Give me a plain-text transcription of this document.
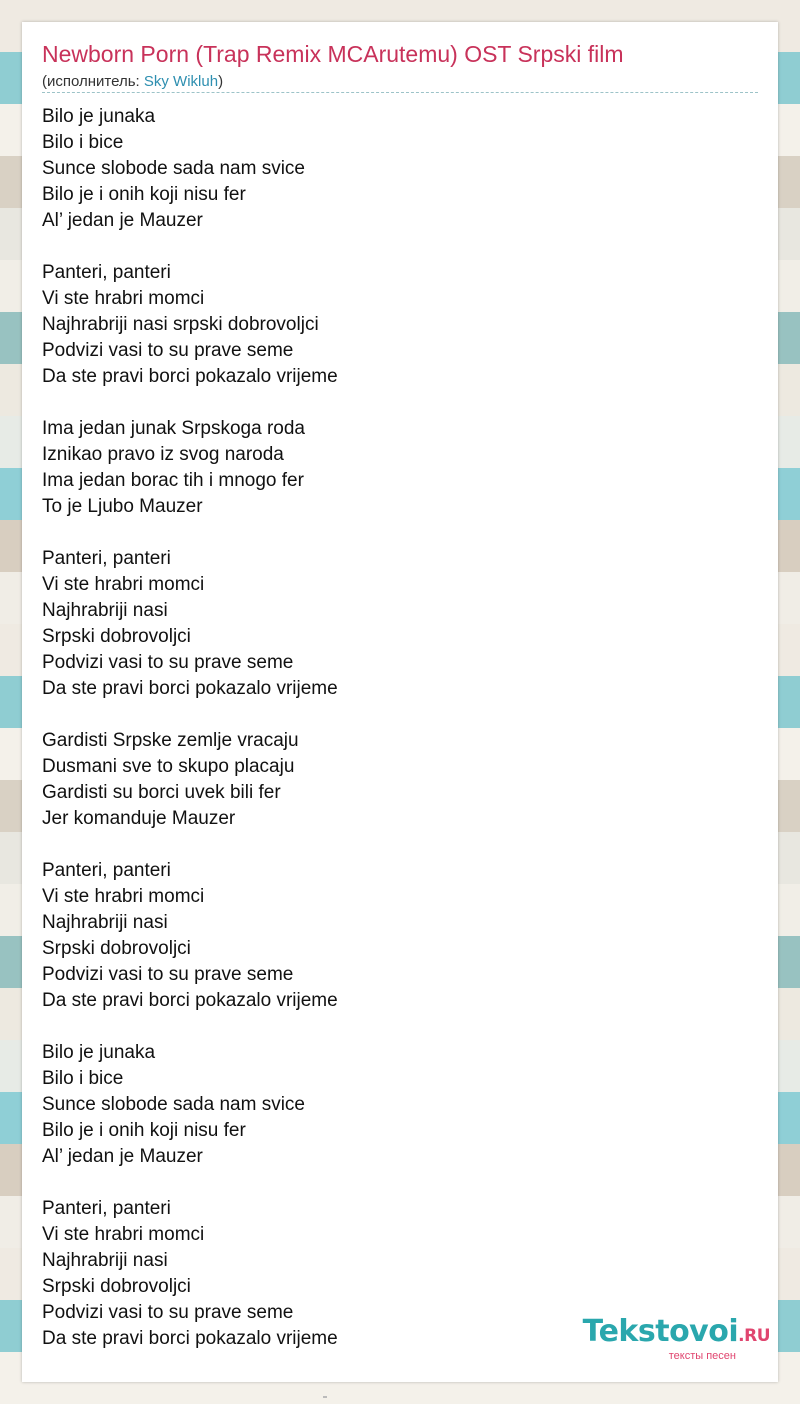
Newborn Porn (Trap Remix MCArutemu) OST Srpski film
(исполнитель: Sky Wikluh)
Bilo je junaka
Bilo i bice
Sunce slobode sada nam svice
Bilo je i onih koji nisu fer
Al’ jedan je Mauzer
Panteri, panteri
Vi ste hrabri momci
Najhrabriji nasi srpski dobrovoljci
Podvizi vasi to su prave seme
Da ste pravi borci pokazalo vrijeme
Ima jedan junak Srpskoga roda
Iznikao pravo iz svog naroda
Ima jedan borac tih i mnogo fer
To je Ljubo Mauzer
Panteri, panteri
Vi ste hrabri momci
Najhrabriji nasi
Srpski dobrovoljci
Podvizi vasi to su prave seme
Da ste pravi borci pokazalo vrijeme
Gardisti Srpske zemlje vracaju
Dusmani sve to skupo placaju
Gardisti su borci uvek bili fer
Jer komanduje Mauzer
Panteri, panteri
Vi ste hrabri momci
Najhrabriji nasi
Srpski dobrovoljci
Podvizi vasi to su prave seme
Da ste pravi borci pokazalo vrijeme
Bilo je junaka
Bilo i bice
Sunce slobode sada nam svice
Bilo je i onih koji nisu fer
Al’ jedan je Mauzer
Panteri, panteri
Vi ste hrabri momci
Najhrabriji nasi
Srpski dobrovoljci
Podvizi vasi to su prave seme
Da ste pravi borci pokazalo vrijeme	Tekstovoi.RU
тексты песен
